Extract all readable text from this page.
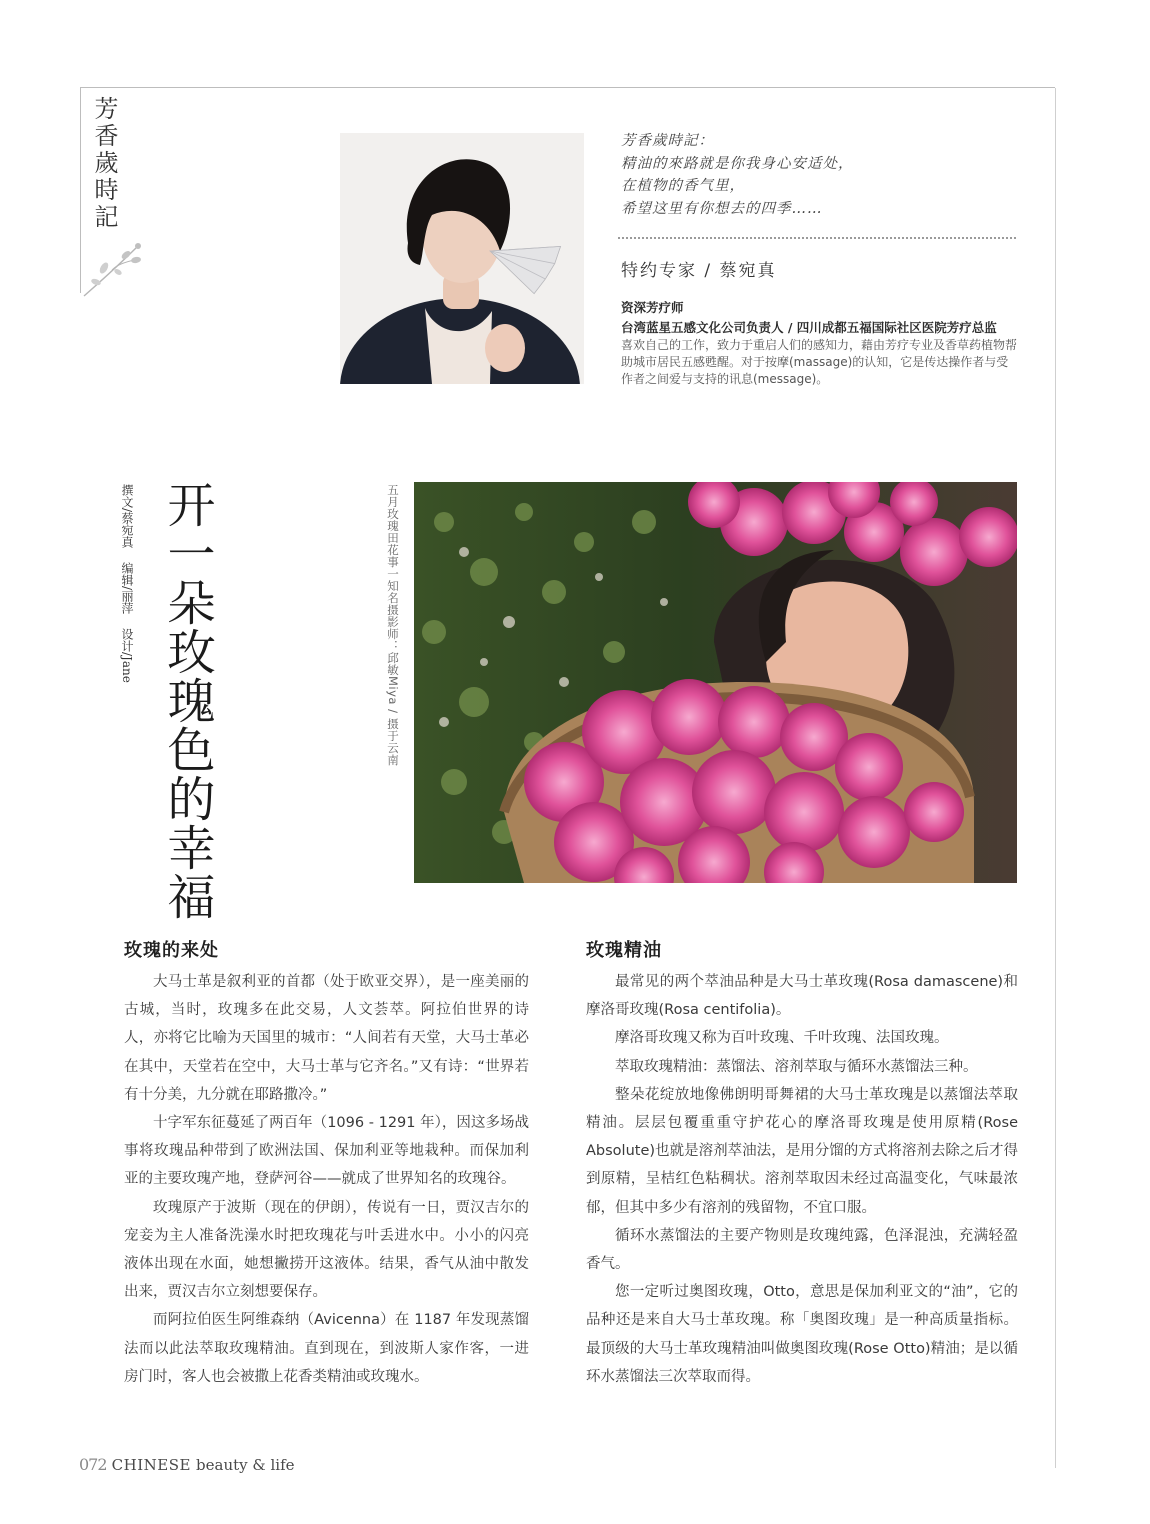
芳香歲時記	芳香歲時記：
精油的來路就是你我身心安适处，
在植物的香气里，
希望这里有你想去的四季……
特约专家 / 蔡宛真
资深芳疗师
台湾蓝星五感文化公司负责人 / 四川成都五福国际社区医院芳疗总监
喜欢自己的工作，致力于重启人们的感知力，藉由芳疗专业及香草药植物帮助城市居民五感甦醒。对于按摩(massage)的认知，它是传达操作者与受作者之间爱与支持的讯息(message)。
撰文/蔡宛真
编辑/丽萍
设计/Jane 开一朵玫瑰色的幸福	五月玫瑰田花事一知名摄影师：邱敏Miya / 摄于云南
玫瑰的来处

大马士革是叙利亚的首都（处于欧亚交界），是一座美丽的古城，当时，玫瑰多在此交易，人文荟萃。阿拉伯世界的诗人，亦将它比喻为天国里的城市：“人间若有天堂，大马士革必在其中，天堂若在空中，大马士革与它齐名。”又有诗：“世界若有十分美，九分就在耶路撒冷。”

十字军东征蔓延了两百年（1096 - 1291 年），因这多场战事将玫瑰品种带到了欧洲法国、保加利亚等地栽种。而保加利亚的主要玫瑰产地，登萨河谷——就成了世界知名的玫瑰谷。

玫瑰原产于波斯（现在的伊朗），传说有一日，贾汉吉尔的宠妾为主人准备洗澡水时把玫瑰花与叶丢进水中。小小的闪亮液体出现在水面，她想撇捞开这液体。结果，香气从油中散发出来，贾汉吉尔立刻想要保存。

而阿拉伯医生阿维森纳（Avicenna）在 1187 年发现蒸馏法而以此法萃取玫瑰精油。直到现在，到波斯人家作客，一进房门时，客人也会被撒上花香类精油或玫瑰水。

玫瑰精油

最常见的两个萃油品种是大马士革玫瑰(Rosa damascene)和摩洛哥玫瑰(Rosa centifolia)。

摩洛哥玫瑰又称为百叶玫瑰、千叶玫瑰、法国玫瑰。

萃取玫瑰精油：蒸馏法、溶剂萃取与循环水蒸馏法三种。

整朵花绽放地像佛朗明哥舞裙的大马士革玫瑰是以蒸馏法萃取精油。层层包覆重重守护花心的摩洛哥玫瑰是使用原精(Rose Absolute)也就是溶剂萃油法，是用分馏的方式将溶剂去除之后才得到原精，呈桔红色粘稠状。溶剂萃取因未经过高温变化，气味最浓郁，但其中多少有溶剂的残留物，不宜口服。

循环水蒸馏法的主要产物则是玫瑰纯露，色泽混浊，充满轻盈香气。

您一定听过奥图玫瑰，Otto，意思是保加利亚文的“油”，它的品种还是来自大马士革玫瑰。称「奥图玫瑰」是一种高质量指标。最顶级的大马士革玫瑰精油叫做奥图玫瑰(Rose Otto)精油；是以循环水蒸馏法三次萃取而得。

072 CHINESE beauty & life
